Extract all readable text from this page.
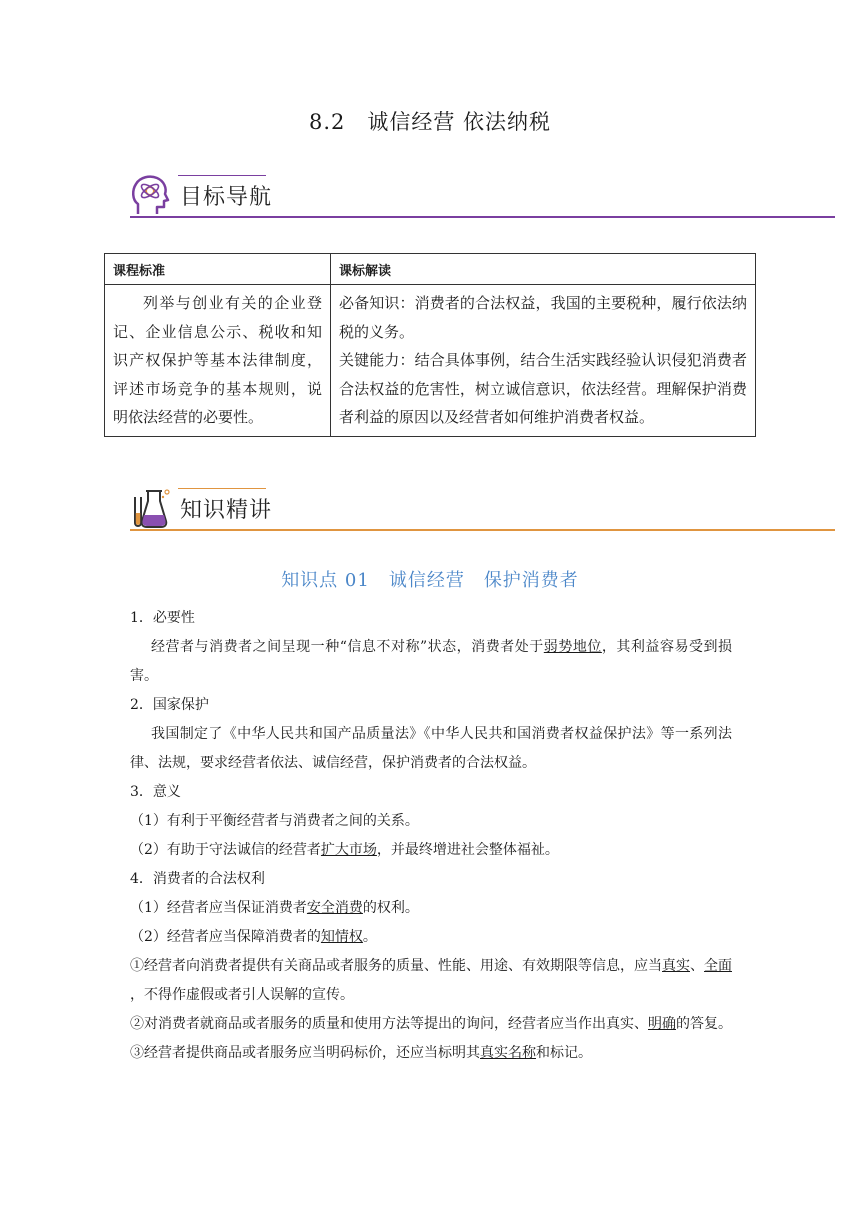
8.2　诚信经营 依法纳税
目标导航
课程标准	课标解读
列举与创业有关的企业登记、企业信息公示、税收和知识产权保护等基本法律制度，评述市场竞争的基本规则，说明依法经营的必要性。	必备知识：消费者的合法权益，我国的主要税种，履行依法纳税的义务。
关键能力：结合具体事例，结合生活实践经验认识侵犯消费者合法权益的危害性，树立诚信意识，依法经营。理解保护消费者利益的原因以及经营者如何维护消费者权益。
知识精讲
知识点 01　诚信经营　保护消费者

1．必要性

经营者与消费者之间呈现一种“信息不对称”状态，消费者处于弱势地位，其利益容易受到损害。

2．国家保护

我国制定了《中华人民共和国产品质量法》《中华人民共和国消费者权益保护法》等一系列法律、法规，要求经营者依法、诚信经营，保护消费者的合法权益。

3．意义

（1）有利于平衡经营者与消费者之间的关系。

（2）有助于守法诚信的经营者扩大市场，并最终增进社会整体福祉。

4．消费者的合法权利

（1）经营者应当保证消费者安全消费的权利。

（2）经营者应当保障消费者的知情权。

①经营者向消费者提供有关商品或者服务的质量、性能、用途、有效期限等信息，应当真实、全面 ，不得作虚假或者引人误解的宣传。

②对消费者就商品或者服务的质量和使用方法等提出的询问，经营者应当作出真实、明确的答复。

③经营者提供商品或者服务应当明码标价，还应当标明其真实名称和标记。
